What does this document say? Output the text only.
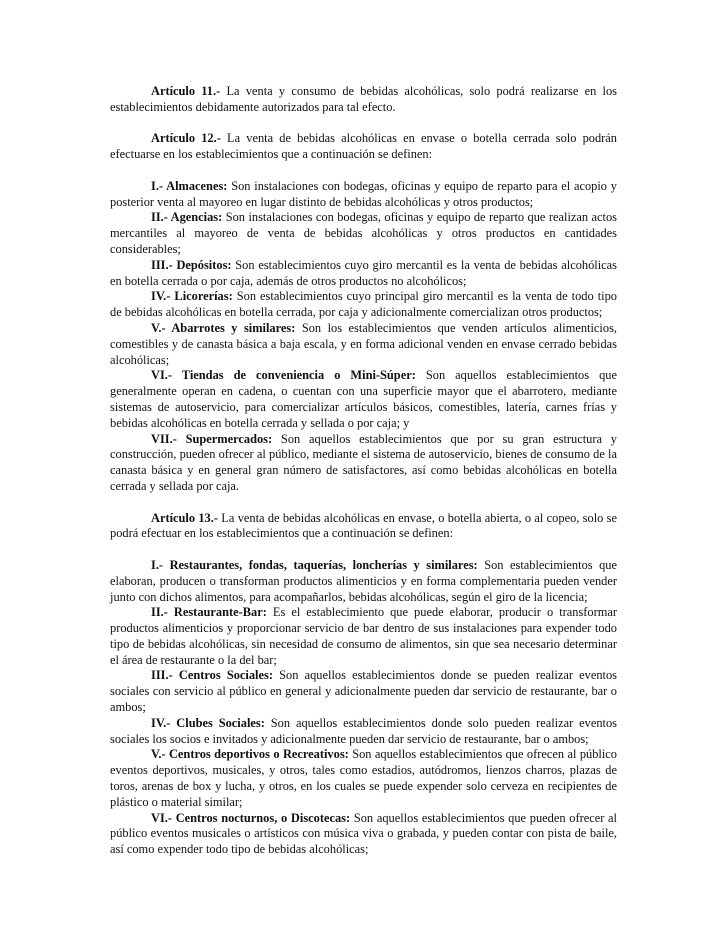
Artículo 11.- La venta y consumo de bebidas alcohólicas, solo podrá realizarse en los establecimientos debidamente autorizados para tal efecto.

Artículo 12.- La venta de bebidas alcohólicas en envase o botella cerrada solo podrán efectuarse en los establecimientos que a continuación se definen:

I.- Almacenes: Son instalaciones con bodegas, oficinas y equipo de reparto para el acopio y posterior venta al mayoreo en lugar distinto de bebidas alcohólicas y otros productos;

II.- Agencias: Son instalaciones con bodegas, oficinas y equipo de reparto que realizan actos mercantiles al mayoreo de venta de bebidas alcohólicas y otros productos en cantidades considerables;

III.- Depósitos: Son establecimientos cuyo giro mercantil es la venta de bebidas alcohólicas en botella cerrada o por caja, además de otros productos no alcohólicos;

IV.- Licorerías: Son establecimientos cuyo principal giro mercantil es la venta de todo tipo de bebidas alcohólicas en botella cerrada, por caja y adicionalmente comercializan otros productos;

V.- Abarrotes y similares: Son los establecimientos que venden artículos alimenticios, comestibles y de canasta básica a baja escala, y en forma adicional venden en envase cerrado bebidas alcohólicas;

VI.- Tiendas de conveniencia o Mini-Súper: Son aquellos establecimientos que generalmente operan en cadena, o cuentan con una superficie mayor que el abarrotero, mediante sistemas de autoservicio, para comercializar artículos básicos, comestibles, latería, carnes frías y bebidas alcohólicas en botella cerrada y sellada o por caja; y

VII.- Supermercados: Son aquellos establecimientos que por su gran estructura y construcción, pueden ofrecer al público, mediante el sistema de autoservicio, bienes de consumo de la canasta básica y en general gran número de satisfactores, así como bebidas alcohólicas en botella cerrada y sellada por caja.

Artículo 13.- La venta de bebidas alcohólicas en envase, o botella abierta, o al copeo, solo se podrá efectuar en los establecimientos que a continuación se definen:

I.- Restaurantes, fondas, taquerías, loncherías y similares: Son establecimientos que elaboran, producen o transforman productos alimenticios y en forma complementaria pueden vender junto con dichos alimentos, para acompañarlos, bebidas alcohólicas, según el giro de la licencia;

II.- Restaurante-Bar: Es el establecimiento que puede elaborar, producir o transformar productos alimenticios y proporcionar servicio de bar dentro de sus instalaciones para expender todo tipo de bebidas alcohólicas, sin necesidad de consumo de alimentos, sin que sea necesario determinar el área de restaurante o la del bar;

III.- Centros Sociales: Son aquellos establecimientos donde se pueden realizar eventos sociales con servicio al público en general y adicionalmente pueden dar servicio de restaurante, bar o ambos;

IV.- Clubes Sociales: Son aquellos establecimientos donde solo pueden realizar eventos sociales los socios e invitados y adicionalmente pueden dar servicio de restaurante, bar o ambos;

V.- Centros deportivos o Recreativos: Son aquellos establecimientos que ofrecen al público eventos deportivos, musicales, y otros, tales como estadios, autódromos, lienzos charros, plazas de toros, arenas de box y lucha, y otros, en los cuales se puede expender solo cerveza en recipientes de plástico o material similar;

VI.- Centros nocturnos, o Discotecas: Son aquellos establecimientos que pueden ofrecer al público eventos musicales o artísticos con música viva o grabada, y pueden contar con pista de baile, así como expender todo tipo de bebidas alcohólicas;
